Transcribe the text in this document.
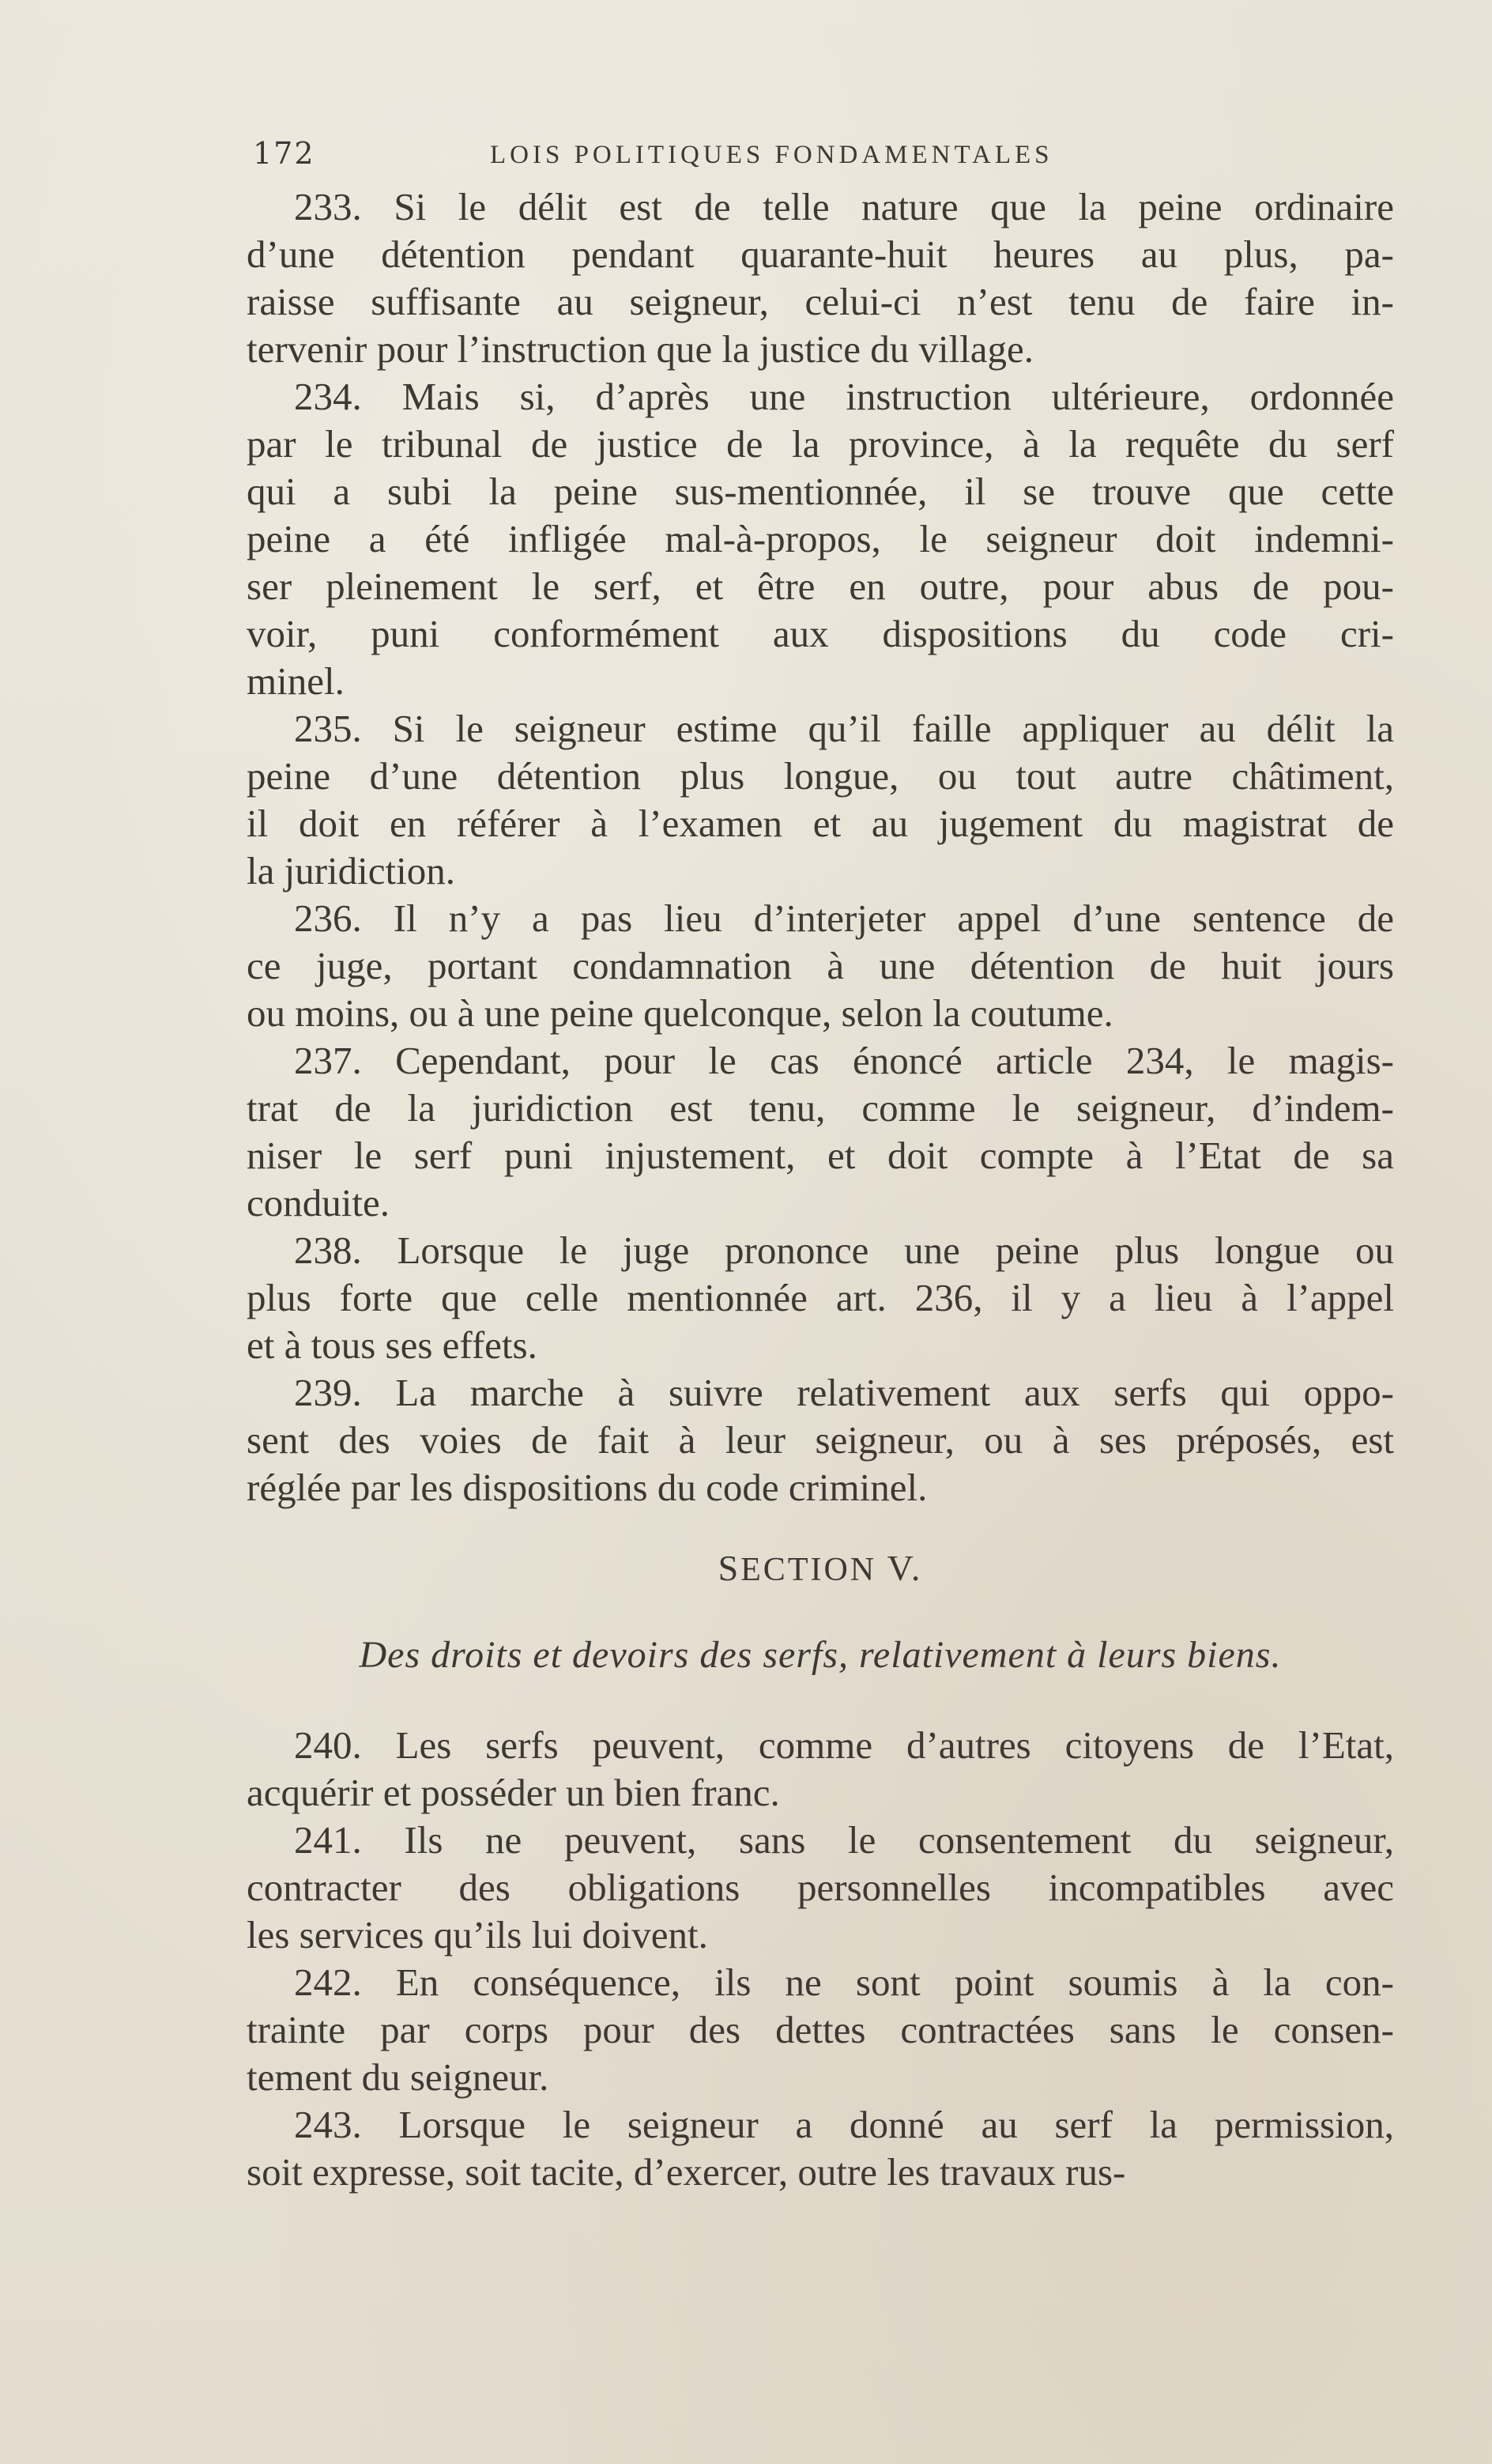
172	LOIS POLITIQUES FONDAMENTALES
233. Si le délit est de telle nature que la peine ordinaire
d’une détention pendant quarante-huit heures au plus, pa-
raisse suffisante au seigneur, celui-ci n’est tenu de faire in-
tervenir pour l’instruction que la justice du village.
234. Mais si, d’après une instruction ultérieure, ordonnée
par le tribunal de justice de la province, à la requête du serf
qui a subi la peine sus-mentionnée, il se trouve que cette
peine a été infligée mal-à-propos, le seigneur doit indemni-
ser pleinement le serf, et être en outre, pour abus de pou-
voir, puni conformément aux dispositions du code cri-
minel.
235. Si le seigneur estime qu’il faille appliquer au délit la
peine d’une détention plus longue, ou tout autre châtiment,
il doit en référer à l’examen et au jugement du magistrat de
la juridiction.
236. Il n’y a pas lieu d’interjeter appel d’une sentence de
ce juge, portant condamnation à une détention de huit jours
ou moins, ou à une peine quelconque, selon la coutume.
237. Cependant, pour le cas énoncé article 234, le magis-
trat de la juridiction est tenu, comme le seigneur, d’indem-
niser le serf puni injustement, et doit compte à l’Etat de sa
conduite.
238. Lorsque le juge prononce une peine plus longue ou
plus forte que celle mentionnée art. 236, il y a lieu à l’appel
et à tous ses effets.
239. La marche à suivre relativement aux serfs qui oppo-
sent des voies de fait à leur seigneur, ou à ses préposés, est
réglée par les dispositions du code criminel.
SECTION V.
Des droits et devoirs des serfs, relativement à leurs biens.
240. Les serfs peuvent, comme d’autres citoyens de l’Etat,
acquérir et posséder un bien franc.
241. Ils ne peuvent, sans le consentement du seigneur,
contracter des obligations personnelles incompatibles avec
les services qu’ils lui doivent.
242. En conséquence, ils ne sont point soumis à la con-
trainte par corps pour des dettes contractées sans le consen-
tement du seigneur.
243. Lorsque le seigneur a donné au serf la permission,
soit expresse, soit tacite, d’exercer, outre les travaux rus-
